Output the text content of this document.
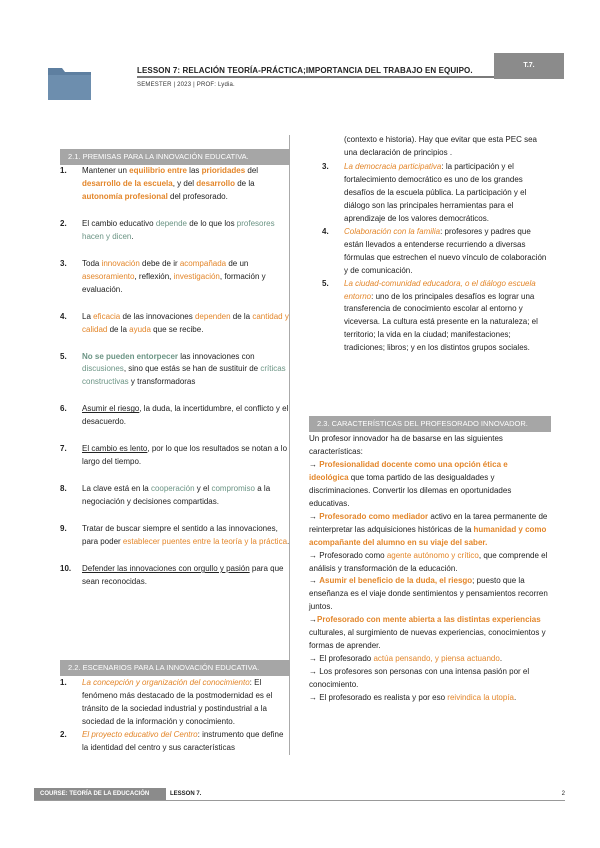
LESSON 7: RELACIÓN TEORÍA-PRÁCTICA;IMPORTANCIA DEL TRABAJO EN EQUIPO.
SEMESTER | 2023 | PROF: Lydia.
T.7.
2.1. PREMISAS PARA LA INNOVACIÓN EDUCATIVA.
1. Mantener un equilibrio entre las prioridades del desarrollo de la escuela, y del desarrollo de la autonomía profesional del profesorado.
2. El cambio educativo depende de lo que los profesores hacen y dicen.
3. Toda innovación debe de ir acompañada de un asesoramiento, reflexión, investigación, formación y evaluación.
4. La eficacia de las innovaciones dependen de la cantidad y calidad de la ayuda que se recibe.
5. No se pueden entorpecer las innovaciones con discusiones, sino que estás se han de sustituir de críticas constructivas y transformadoras
6. Asumir el riesgo, la duda, la incertidumbre, el conflicto y el desacuerdo.
7. El cambio es lento, por lo que los resultados se notan a lo largo del tiempo.
8. La clave está en la cooperación y el compromiso a la negociación y decisiones compartidas.
9. Tratar de buscar siempre el sentido a las innovaciones, para poder establecer puentes entre la teoría y la práctica.
10. Defender las innovaciones con orgullo y pasión para que sean reconocidas.
2.2. ESCENARIOS PARA LA INNOVACIÓN EDUCATIVA.
1. La concepción y organización del conocimiento: El fenómeno más destacado de la postmodernidad es el tránsito de la sociedad industrial y postindustrial a la sociedad de la información y conocimiento.
2. El proyecto educativo del Centro: instrumento que define la identidad del centro y sus características

(contexto e historia). Hay que evitar que esta PEC sea una declaración de principios .

3. La democracia participativa: la participación y el fortalecimiento democrático es uno de los grandes desafíos de la escuela pública. La participación y el diálogo son las principales herramientas para el aprendizaje de los valores democráticos.
4. Colaboración con la familia: profesores y padres que están llevados a entenderse recurriendo a diversas fórmulas que estrechen el nuevo vínculo de colaboración y de comunicación.
5. La ciudad-comunidad educadora, o el diálogo escuela entorno: uno de los principales desafíos es lograr una transferencia de conocimiento escolar al entorno y viceversa. La cultura está presente en la naturaleza; el territorio; la vida en la ciudad; manifestaciones; tradiciones; libros; y en los distintos grupos sociales.
2.3. CARACTERÍSTICAS DEL PROFESORADO INNOVADOR.

Un profesor innovador ha de basarse en las siguientes características:

→ Profesionalidad docente como una opción ética e ideológica que toma partido de las desigualdades y discriminaciones. Convertir los dilemas en oportunidades educativas.

→ Profesorado como mediador activo en la tarea permanente de reinterpretar las adquisiciones históricas de la humanidad y como acompañante del alumno en su viaje del saber.

→ Profesorado como agente autónomo y crítico, que comprende el análisis y transformación de la educación.

→ Asumir el beneficio de la duda, el riesgo; puesto que la enseñanza es el viaje donde sentimientos y pensamientos recorren juntos.

→Profesorado con mente abierta a las distintas experiencias culturales, al surgimiento de nuevas experiencias, conocimientos y formas de aprender.

→ El profesorado actúa pensando, y piensa actuando.

→ Los profesores son personas con una intensa pasión por el conocimiento.

→ El profesorado es realista y por eso reivindica la utopía.

COURSE: TEORÍA DE LA EDUCACIÓN	LESSON 7.	2
